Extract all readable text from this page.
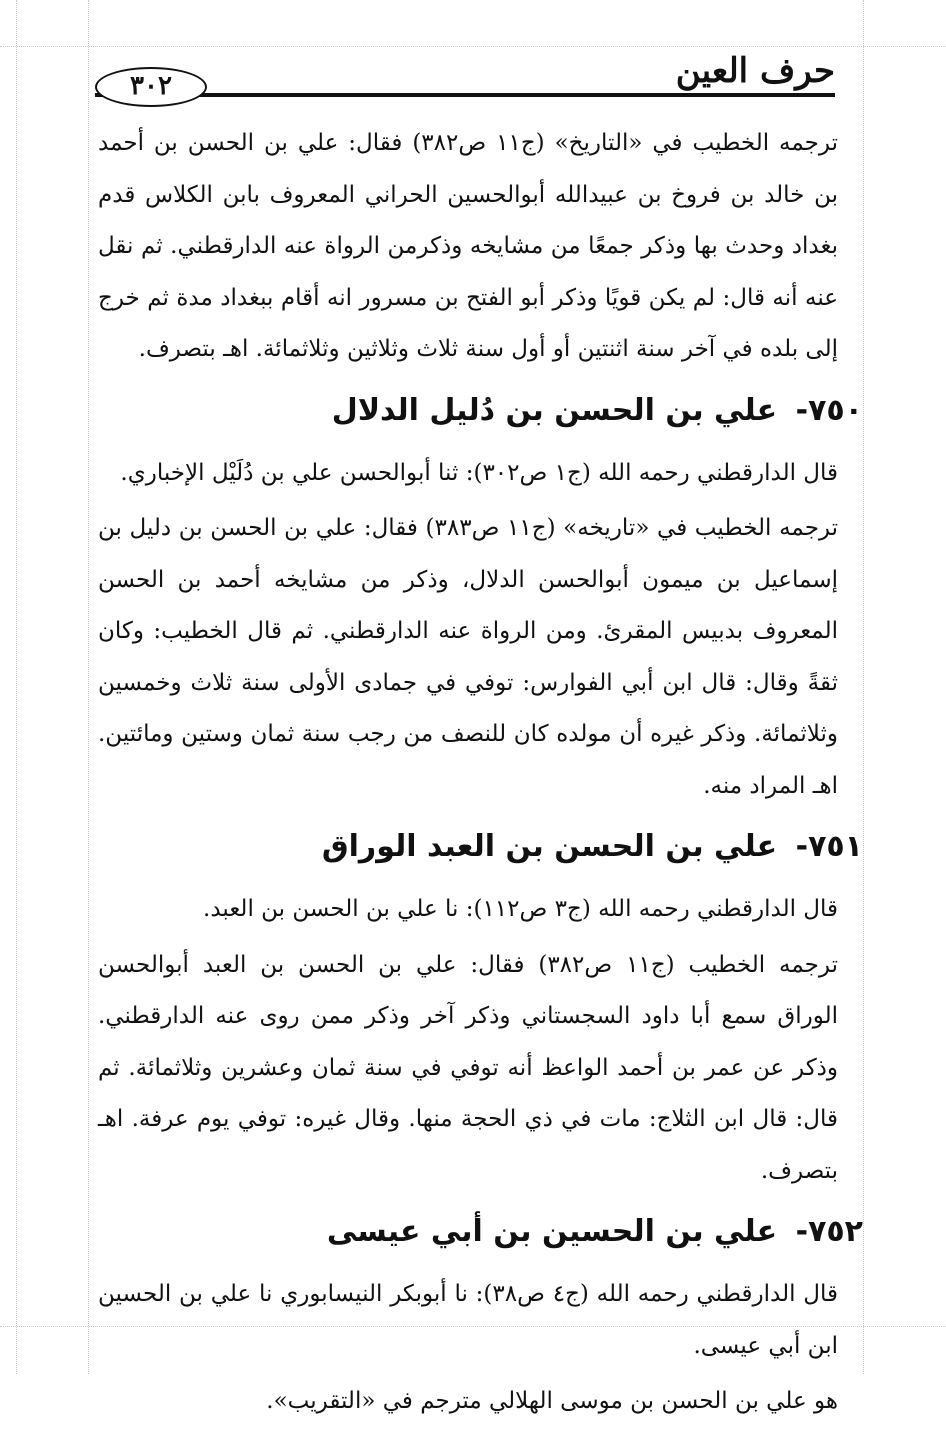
حرف العين
٣٠٢

ترجمه الخطيب في «التاريخ» (ج١١ ص٣٨٢) فقال: علي بن الحسن بن أحمد بن خالد بن فروخ بن عبيدالله أبوالحسين الحراني المعروف بابن الكلاس قدم بغداد وحدث بها وذكر جمعًا من مشايخه وذكرمن الرواة عنه الدارقطني. ثم نقل عنه أنه قال: لم يكن قويًا وذكر أبو الفتح بن مسرور انه أقام ببغداد مدة ثم خرج إلى بلده في آخر سنة اثنتين أو أول سنة ثلاث وثلاثين وثلاثمائة. اهـ بتصرف.

٧٥٠- علي بن الحسن بن دُليل الدلال

قال الدارقطني رحمه الله (ج١ ص٣٠٢): ثنا أبوالحسن علي بن دُلَيْل الإخباري.

ترجمه الخطيب في «تاريخه» (ج١١ ص٣٨٣) فقال: علي بن الحسن بن دليل بن إسماعيل بن ميمون أبوالحسن الدلال، وذكر من مشايخه أحمد بن الحسن المعروف بدبيس المقرئ. ومن الرواة عنه الدارقطني. ثم قال الخطيب: وكان ثقةً وقال: قال ابن أبي الفوارس: توفي في جمادى الأولى سنة ثلاث وخمسين وثلاثمائة. وذكر غيره أن مولده كان للنصف من رجب سنة ثمان وستين ومائتين. اهـ المراد منه.

٧٥١- علي بن الحسن بن العبد الوراق

قال الدارقطني رحمه الله (ج٣ ص١١٢): نا علي بن الحسن بن العبد.

ترجمه الخطيب (ج١١ ص٣٨٢) فقال: علي بن الحسن بن العبد أبوالحسن الوراق سمع أبا داود السجستاني وذكر آخر وذكر ممن روى عنه الدارقطني. وذكر عن عمر بن أحمد الواعظ أنه توفي في سنة ثمان وعشرين وثلاثمائة. ثم قال: قال ابن الثلاج: مات في ذي الحجة منها. وقال غيره: توفي يوم عرفة. اهـ بتصرف.

٧٥٢- علي بن الحسين بن أبي عيسى

قال الدارقطني رحمه الله (ج٤ ص٣٨): نا أبوبكر النيسابوري نا علي بن الحسين ابن أبي عيسى.

هو علي بن الحسن بن موسى الهلالي مترجم في «التقريب».
